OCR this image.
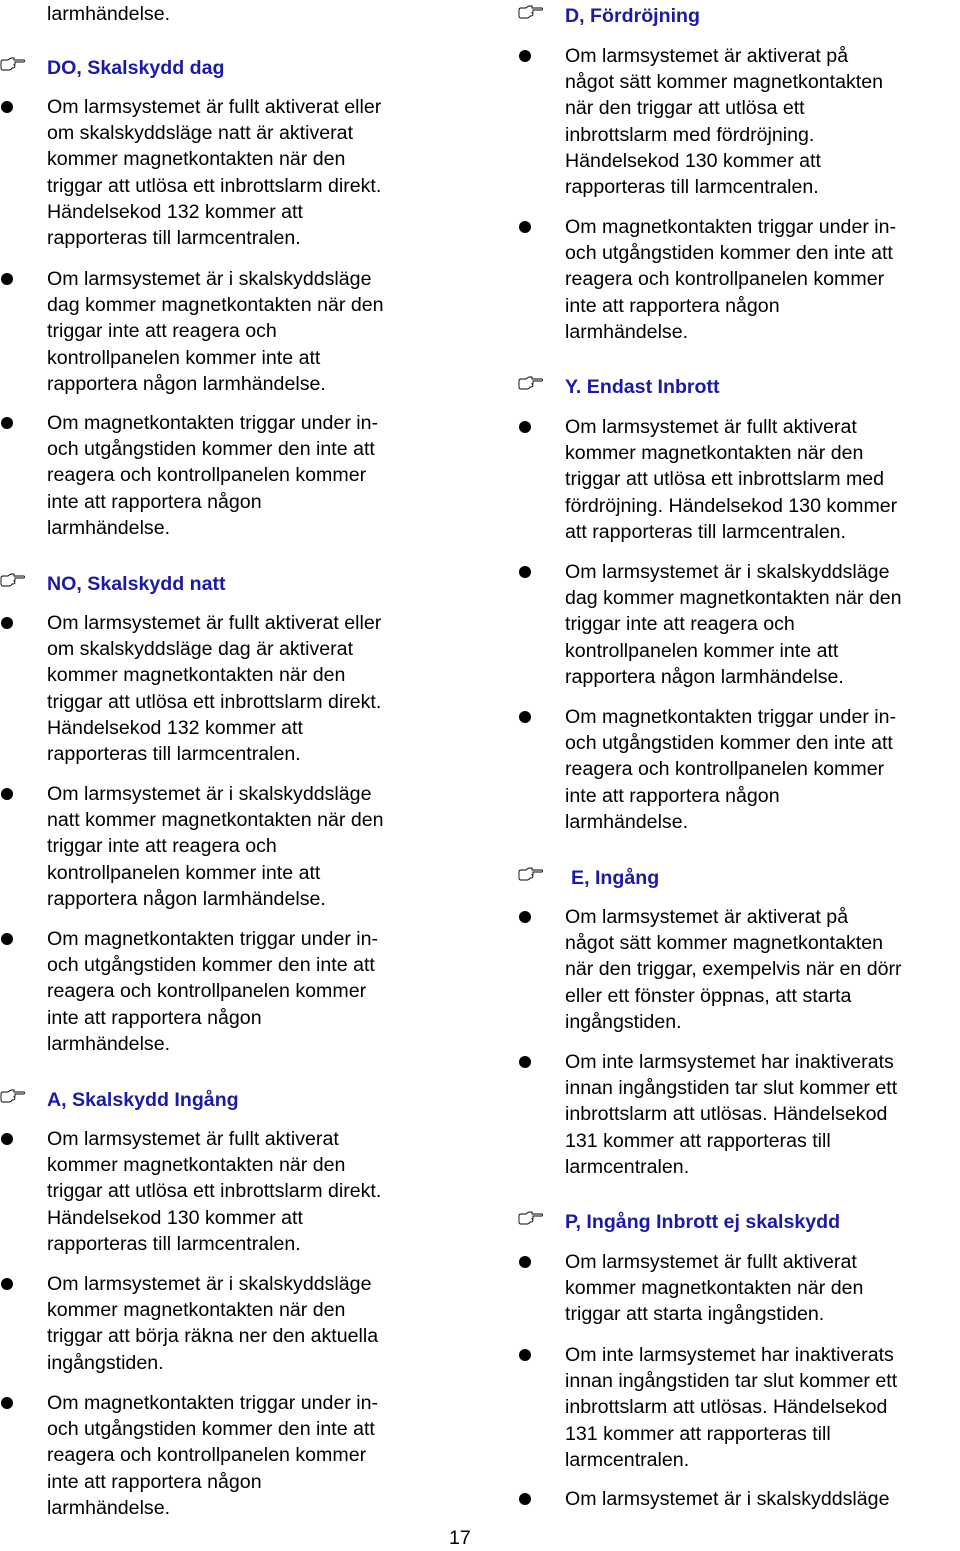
larmhändelse.
DO, Skalskydd dag
Om larmsystemet är fullt aktiverat eller
om skalskyddsläge natt är aktiverat
kommer magnetkontakten när den
triggar att utlösa ett inbrottslarm direkt.
Händelsekod 132 kommer att
rapporteras till larmcentralen.
Om larmsystemet är i skalskyddsläge
dag kommer magnetkontakten när den
triggar inte att reagera och
kontrollpanelen kommer inte att
rapportera någon larmhändelse.
Om magnetkontakten triggar under in-
och utgångstiden kommer den inte att
reagera och kontrollpanelen kommer
inte att rapportera någon
larmhändelse.
NO, Skalskydd natt
Om larmsystemet är fullt aktiverat eller
om skalskyddsläge dag är aktiverat
kommer magnetkontakten när den
triggar att utlösa ett inbrottslarm direkt.
Händelsekod 132 kommer att
rapporteras till larmcentralen.
Om larmsystemet är i skalskyddsläge
natt kommer magnetkontakten när den
triggar inte att reagera och
kontrollpanelen kommer inte att
rapportera någon larmhändelse.
Om magnetkontakten triggar under in-
och utgångstiden kommer den inte att
reagera och kontrollpanelen kommer
inte att rapportera någon
larmhändelse.
A, Skalskydd Ingång
Om larmsystemet är fullt aktiverat
kommer magnetkontakten när den
triggar att utlösa ett inbrottslarm direkt.
Händelsekod 130 kommer att
rapporteras till larmcentralen.
Om larmsystemet är i skalskyddsläge
kommer magnetkontakten när den
triggar att börja räkna ner den aktuella
ingångstiden.
Om magnetkontakten triggar under in-
och utgångstiden kommer den inte att
reagera och kontrollpanelen kommer
inte att rapportera någon
larmhändelse.
D, Fördröjning
Om larmsystemet är aktiverat på
något sätt kommer magnetkontakten
när den triggar att utlösa ett
inbrottslarm med fördröjning.
Händelsekod 130 kommer att
rapporteras till larmcentralen.
Om magnetkontakten triggar under in-
och utgångstiden kommer den inte att
reagera och kontrollpanelen kommer
inte att rapportera någon
larmhändelse.
Y. Endast Inbrott
Om larmsystemet är fullt aktiverat
kommer magnetkontakten när den
triggar att utlösa ett inbrottslarm med
fördröjning. Händelsekod 130 kommer
att rapporteras till larmcentralen.
Om larmsystemet är i skalskyddsläge
dag kommer magnetkontakten när den
triggar inte att reagera och
kontrollpanelen kommer inte att
rapportera någon larmhändelse.
Om magnetkontakten triggar under in-
och utgångstiden kommer den inte att
reagera och kontrollpanelen kommer
inte att rapportera någon
larmhändelse.
E, Ingång
Om larmsystemet är aktiverat på
något sätt kommer magnetkontakten
när den triggar, exempelvis när en dörr
eller ett fönster öppnas, att starta
ingångstiden.
Om inte larmsystemet har inaktiverats
innan ingångstiden tar slut kommer ett
inbrottslarm att utlösas. Händelsekod
131 kommer att rapporteras till
larmcentralen.
P, Ingång Inbrott ej skalskydd
Om larmsystemet är fullt aktiverat
kommer magnetkontakten när den
triggar att starta ingångstiden.
Om inte larmsystemet har inaktiverats
innan ingångstiden tar slut kommer ett
inbrottslarm att utlösas. Händelsekod
131 kommer att rapporteras till
larmcentralen.
Om larmsystemet är i skalskyddsläge
17
